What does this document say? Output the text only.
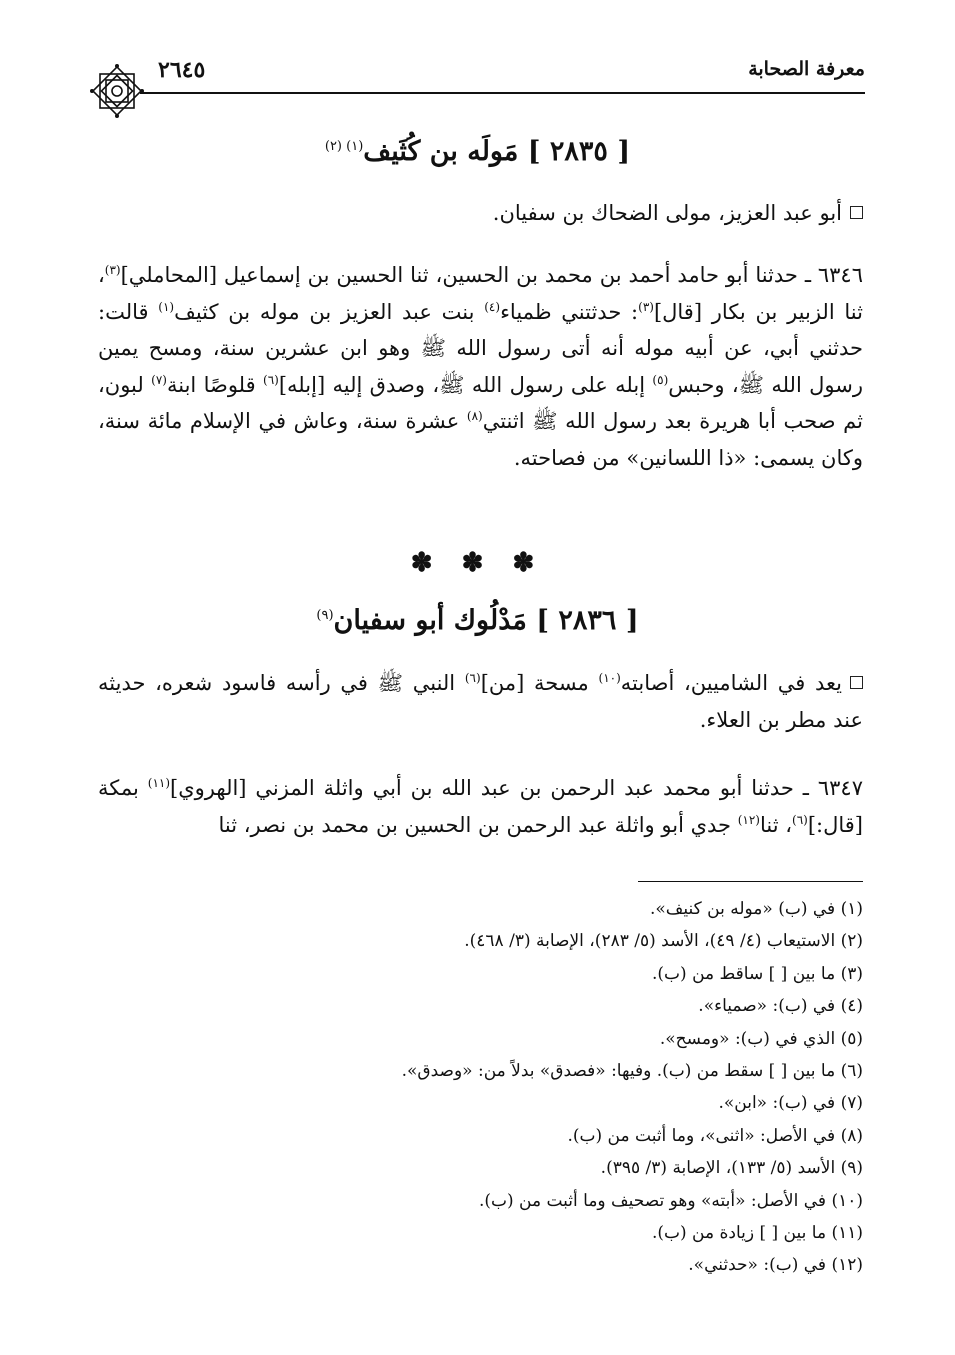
معرفة الصحابة
٢٦٤٥
[ ٢٨٣٥ ] مَولَه بن كُثَيف$^{(١) (٢)}$
أبو عبد العزيز، مولى الضحاك بن سفيان.
٦٣٤٦ ـ حدثنا أبو حامد أحمد بن محمد بن الحسين، ثنا الحسين بن إسماعيل [المحاملي]$^{(٣)}$، ثنا الزبير بن بكار [قال]$^{(٣)}$: حدثتني ظمياء$^{(٤)}$ بنت عبد العزيز بن موله بن كثيف$^{(١)}$ قالت: حدثني أبي، عن أبيه موله أنه أتى رسول الله ﷺ وهو ابن عشرين سنة، ومسح يمين رسول الله ﷺ، وحبس$^{(٥)}$ إبله على رسول الله ﷺ، وصدق إليه [إبله]$^{(٦)}$ قلوصًا ابنة$^{(٧)}$ لبون، ثم صحب أبا هريرة بعد رسول الله ﷺ اثنتي$^{(٨)}$ عشرة سنة، وعاش في الإسلام مائة سنة، وكان يسمى: «ذا اللسانين» من فصاحته.
✽ ✽ ✽
[ ٢٨٣٦ ] مَدْلُوك أبو سفيان$^{(٩)}$
يعد في الشاميين، أصابته$^{(١٠)}$ مسحة [من]$^{(٦)}$ النبي ﷺ في رأسه فاسود شعره، حديثه عند مطر بن العلاء.
٦٣٤٧ ـ حدثنا أبو محمد عبد الرحمن بن عبد الله بن أبي واثلة المزني [الهروي]$^{(١١)}$ بمكة [قال:]$^{(٦)}$، ثنا$^{(١٢)}$ جدي أبو واثلة عبد الرحمن بن الحسين بن محمد بن نصر، ثنا
(١) في (ب) «موله بن كنيف».
(٢) الاستيعاب (٤/ ٤٩)، الأسد (٥/ ٢٨٣)، الإصابة (٣/ ٤٦٨).
(٣) ما بين [ ] ساقط من (ب).
(٤) في (ب): «صمياء».
(٥) الذي في (ب): «ومسح».
(٦) ما بين [ ] سقط من (ب). وفيها: «فصدق» بدلاً من: «وصدق».
(٧) في (ب): «ابن».
(٨) في الأصل: «اثنى»، وما أثبت من (ب).
(٩) الأسد (٥/ ١٣٣)، الإصابة (٣/ ٣٩٥).
(١٠) في الأصل: «أبته» وهو تصحيف وما أثبت من (ب).
(١١) ما بين [ ] زيادة من (ب).
(١٢) في (ب): «حدثني».
